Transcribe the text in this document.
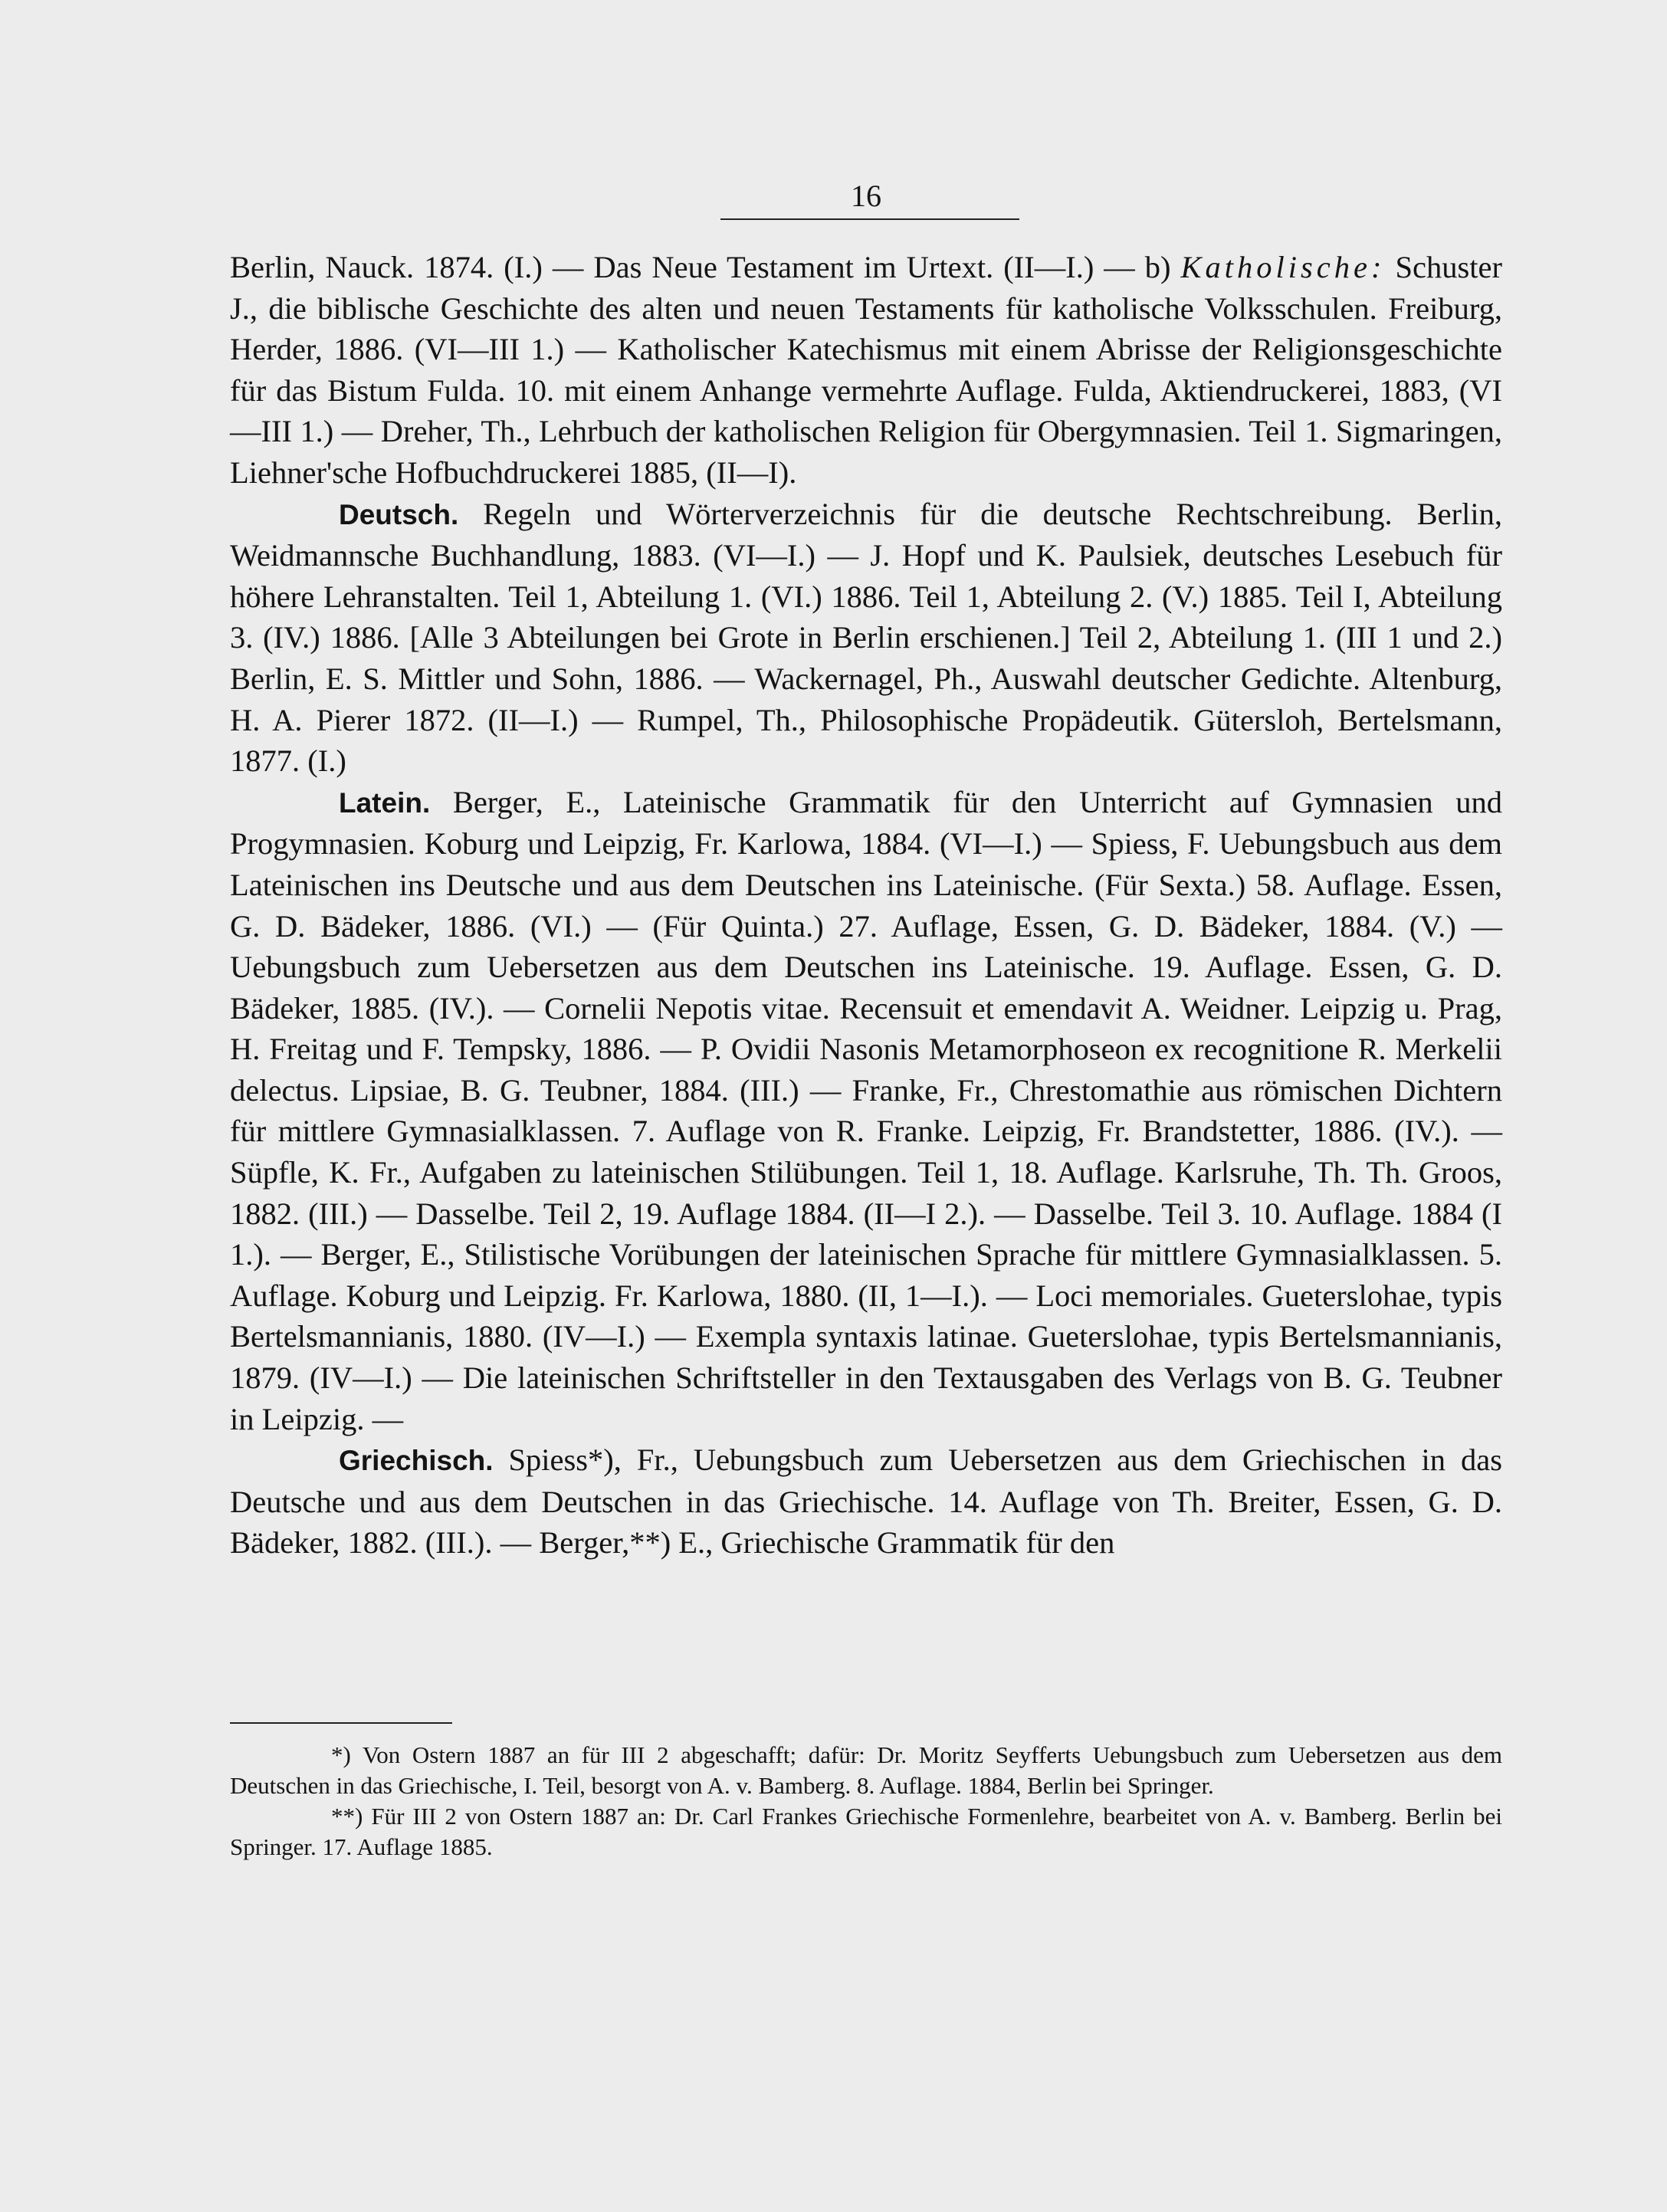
16

Berlin, Nauck. 1874. (I.) — Das Neue Testament im Urtext. (II—I.) — b) Katholische: Schuster J., die biblische Geschichte des alten und neuen Testaments für katholische Volksschulen. Freiburg, Herder, 1886. (VI—III 1.) — Katholischer Katechismus mit einem Abrisse der Religionsgeschichte für das Bistum Fulda. 10. mit einem Anhange vermehrte Auflage. Fulda, Aktiendruckerei, 1883, (VI—III 1.) — Dreher, Th., Lehrbuch der katholischen Religion für Obergymnasien. Teil 1. Sigmaringen, Liehner'sche Hofbuchdruckerei 1885, (II—I).

Deutsch. Regeln und Wörterverzeichnis für die deutsche Rechtschreibung. Berlin, Weidmannsche Buchhandlung, 1883. (VI—I.) — J. Hopf und K. Paulsiek, deutsches Lesebuch für höhere Lehranstalten. Teil 1, Abteilung 1. (VI.) 1886. Teil 1, Abteilung 2. (V.) 1885. Teil I, Abteilung 3. (IV.) 1886. [Alle 3 Abteilungen bei Grote in Berlin erschienen.] Teil 2, Abteilung 1. (III 1 und 2.) Berlin, E. S. Mittler und Sohn, 1886. — Wackernagel, Ph., Auswahl deutscher Gedichte. Altenburg, H. A. Pierer 1872. (II—I.) — Rumpel, Th., Philosophische Propädeutik. Gütersloh, Bertelsmann, 1877. (I.)

Latein. Berger, E., Lateinische Grammatik für den Unterricht auf Gymnasien und Progymnasien. Koburg und Leipzig, Fr. Karlowa, 1884. (VI—I.) — Spiess, F. Uebungsbuch aus dem Lateinischen ins Deutsche und aus dem Deutschen ins Lateinische. (Für Sexta.) 58. Auflage. Essen, G. D. Bädeker, 1886. (VI.) — (Für Quinta.) 27. Auflage, Essen, G. D. Bädeker, 1884. (V.) — Uebungsbuch zum Uebersetzen aus dem Deutschen ins Lateinische. 19. Auflage. Essen, G. D. Bädeker, 1885. (IV.). — Cornelii Nepotis vitae. Recensuit et emendavit A. Weidner. Leipzig u. Prag, H. Freitag und F. Tempsky, 1886. — P. Ovidii Nasonis Metamorphoseon ex recognitione R. Merkelii delectus. Lipsiae, B. G. Teubner, 1884. (III.) — Franke, Fr., Chrestomathie aus römischen Dichtern für mittlere Gymnasialklassen. 7. Auflage von R. Franke. Leipzig, Fr. Brandstetter, 1886. (IV.). — Süpfle, K. Fr., Aufgaben zu lateinischen Stilübungen. Teil 1, 18. Auflage. Karlsruhe, Th. Th. Groos, 1882. (III.) — Dasselbe. Teil 2, 19. Auflage 1884. (II—I 2.). — Dasselbe. Teil 3. 10. Auflage. 1884 (I 1.). — Berger, E., Stilistische Vorübungen der lateinischen Sprache für mittlere Gymnasialklassen. 5. Auflage. Koburg und Leipzig. Fr. Karlowa, 1880. (II, 1—I.). — Loci memoriales. Gueterslohae, typis Bertelsmannianis, 1880. (IV—I.) — Exempla syntaxis latinae. Gueterslohae, typis Bertelsmannianis, 1879. (IV—I.) — Die lateinischen Schriftsteller in den Textausgaben des Verlags von B. G. Teubner in Leipzig. —

Griechisch. Spiess*), Fr., Uebungsbuch zum Uebersetzen aus dem Griechischen in das Deutsche und aus dem Deutschen in das Griechische. 14. Auflage von Th. Breiter, Essen, G. D. Bädeker, 1882. (III.). — Berger,**) E., Griechische Grammatik für den

*) Von Ostern 1887 an für III 2 abgeschafft; dafür: Dr. Moritz Seyfferts Uebungsbuch zum Uebersetzen aus dem Deutschen in das Griechische, I. Teil, besorgt von A. v. Bamberg. 8. Auflage. 1884, Berlin bei Springer.

**) Für III 2 von Ostern 1887 an: Dr. Carl Frankes Griechische Formenlehre, bearbeitet von A. v. Bamberg. Berlin bei Springer. 17. Auflage 1885.
